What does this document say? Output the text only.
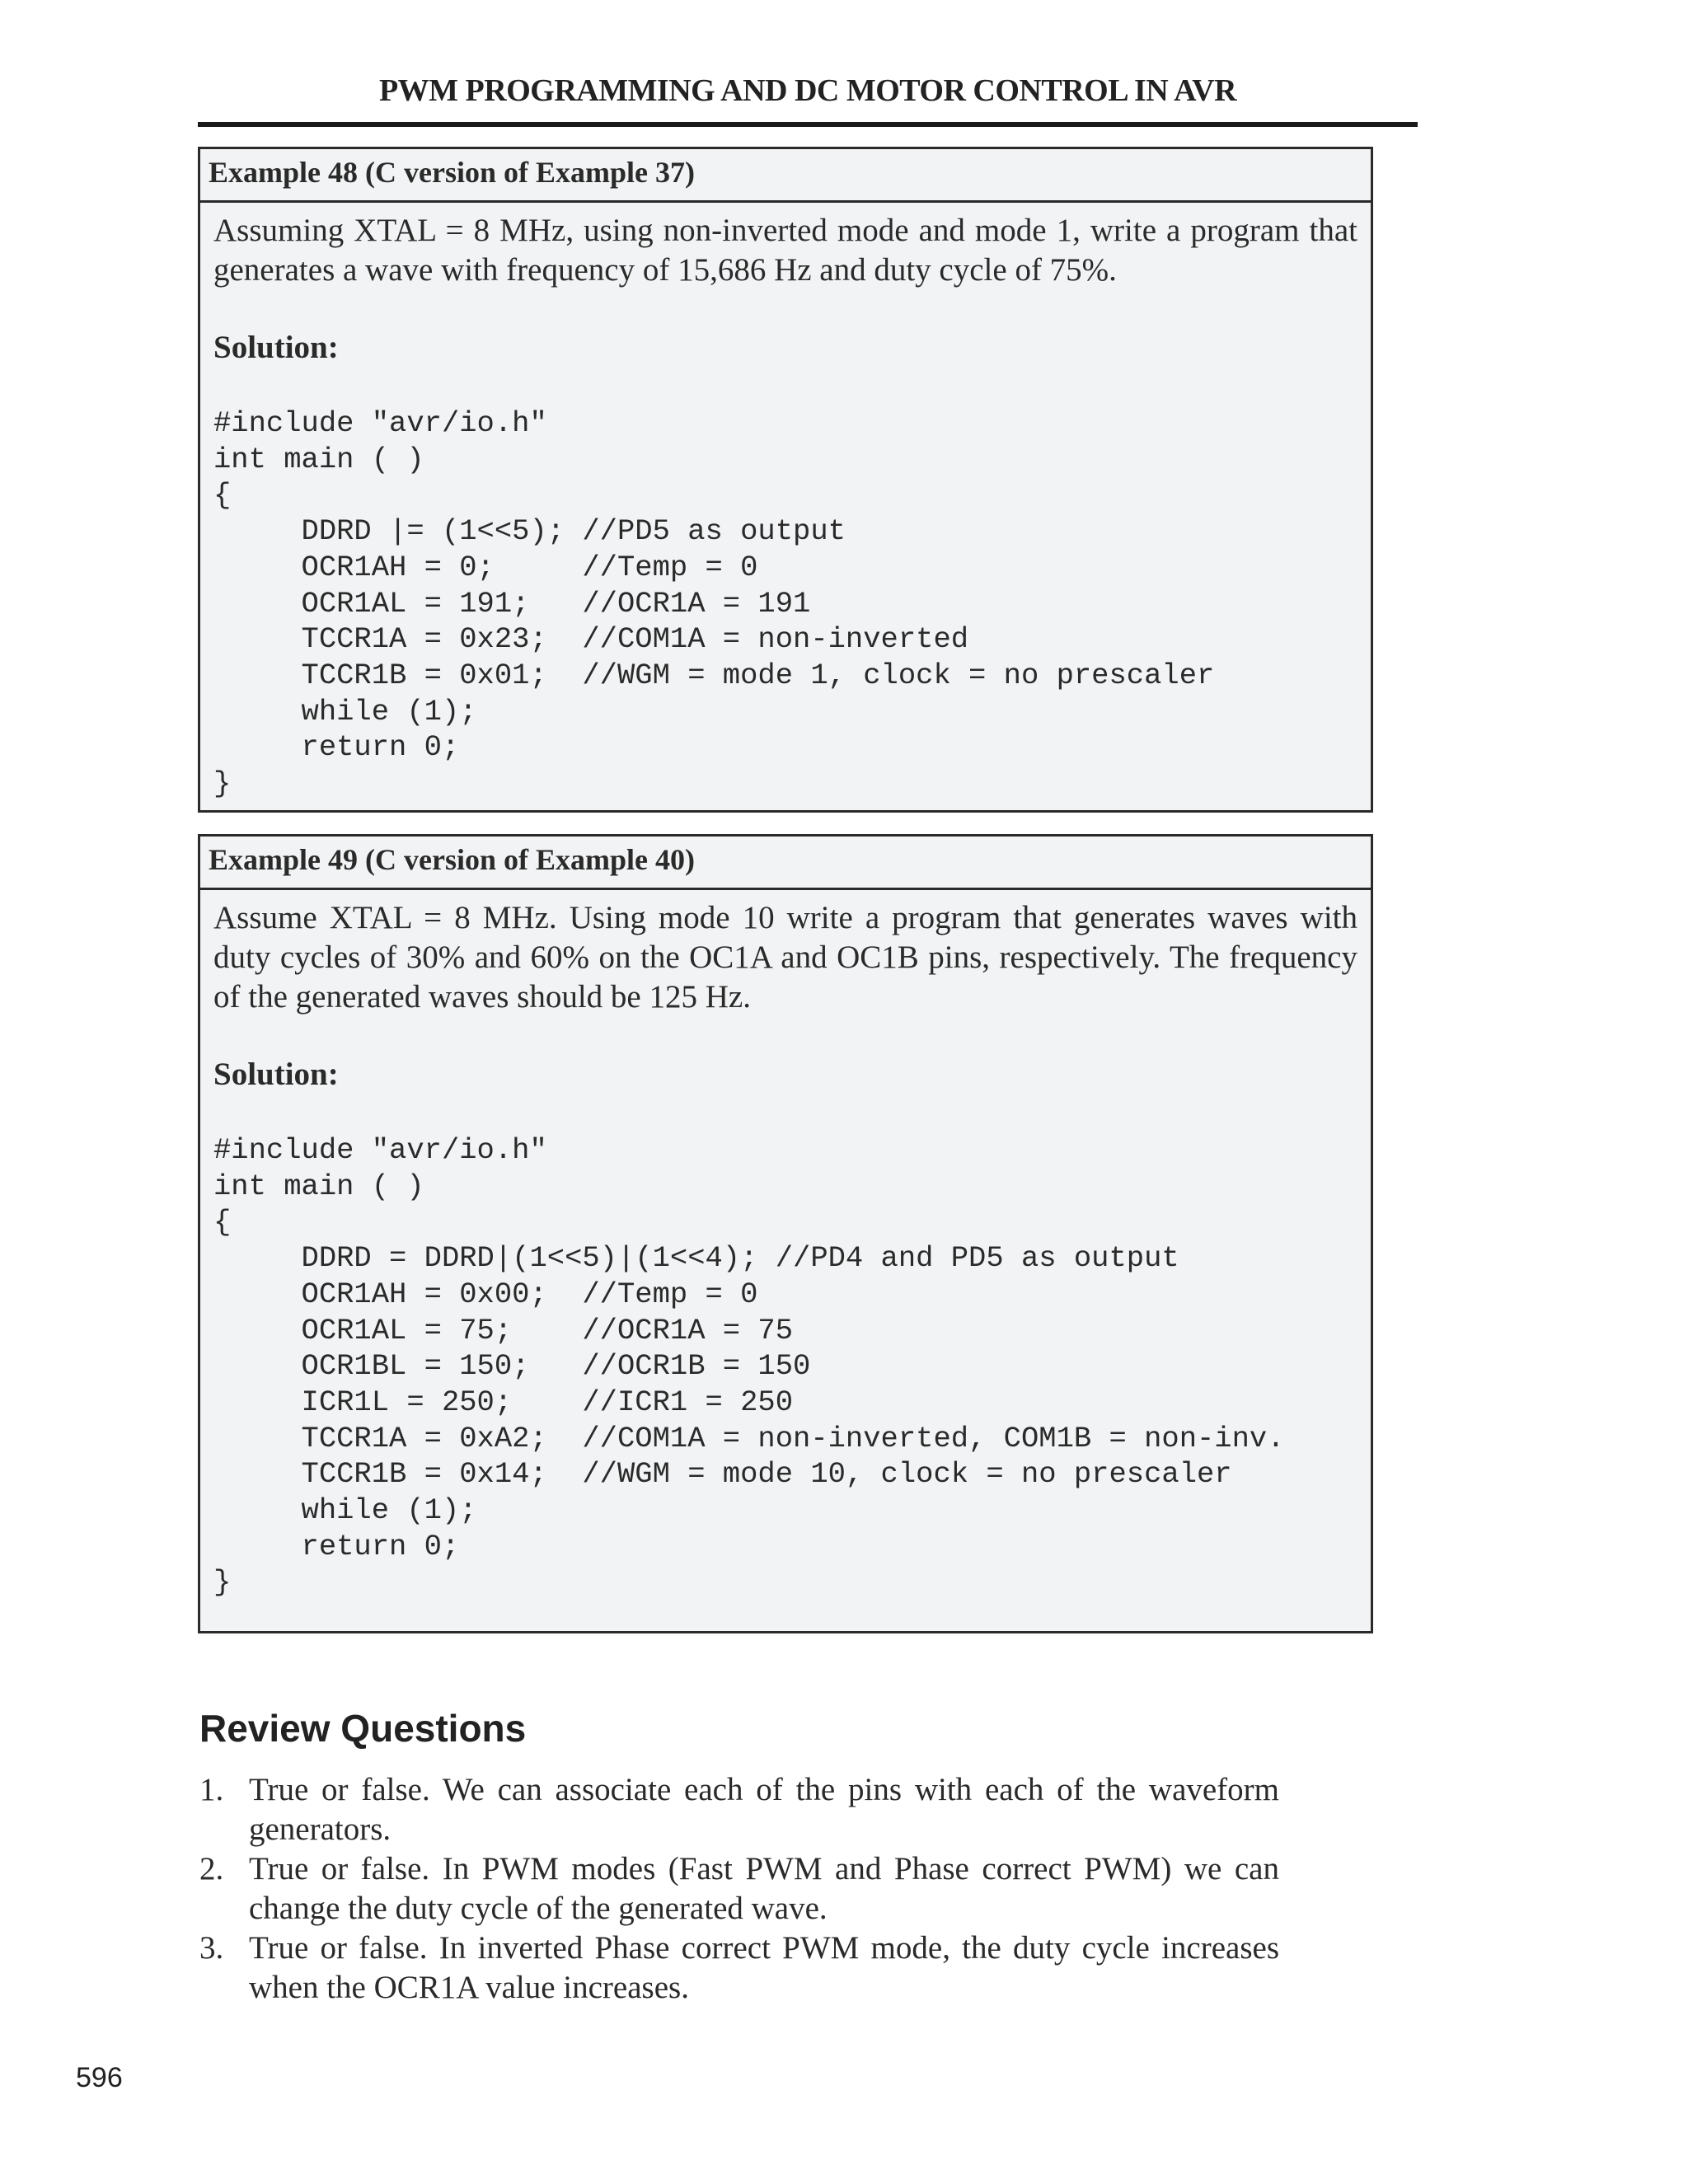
PWM PROGRAMMING AND DC MOTOR CONTROL IN AVR
Example 48 (C version of Example 37)

Assuming XTAL = 8 MHz, using non-inverted mode and mode 1, write a program that generates a wave with frequency of 15,686 Hz and duty cycle of 75%.

Solution:
#include "avr/io.h"
int main ( )
{
DDRD |= (1<<5); //PD5 as output
OCR1AH = 0;     //Temp = 0
OCR1AL = 191;   //OCR1A = 191
TCCR1A = 0x23;  //COM1A = non-inverted
TCCR1B = 0x01;  //WGM = mode 1, clock = no prescaler
while (1);
return 0;
}
Example 49 (C version of Example 40)

Assume XTAL = 8 MHz. Using mode 10 write a program that generates waves with duty cycles of 30% and 60% on the OC1A and OC1B pins, respectively. The frequency of the generated waves should be 125 Hz.

Solution:
#include "avr/io.h"
int main ( )
{
DDRD = DDRD|(1<<5)|(1<<4); //PD4 and PD5 as output
OCR1AH = 0x00;  //Temp = 0
OCR1AL = 75;    //OCR1A = 75
OCR1BL = 150;   //OCR1B = 150
ICR1L = 250;    //ICR1 = 250
TCCR1A = 0xA2;  //COM1A = non-inverted, COM1B = non-inv.
TCCR1B = 0x14;  //WGM = mode 10, clock = no prescaler
while (1);
return 0;
}
Review Questions
1. True or false. We can associate each of the pins with each of the waveform generators.
2. True or false. In PWM modes (Fast PWM and Phase correct PWM) we can change the duty cycle of the generated wave.
3. True or false. In inverted Phase correct PWM mode, the duty cycle increases when the OCR1A value increases.
596
